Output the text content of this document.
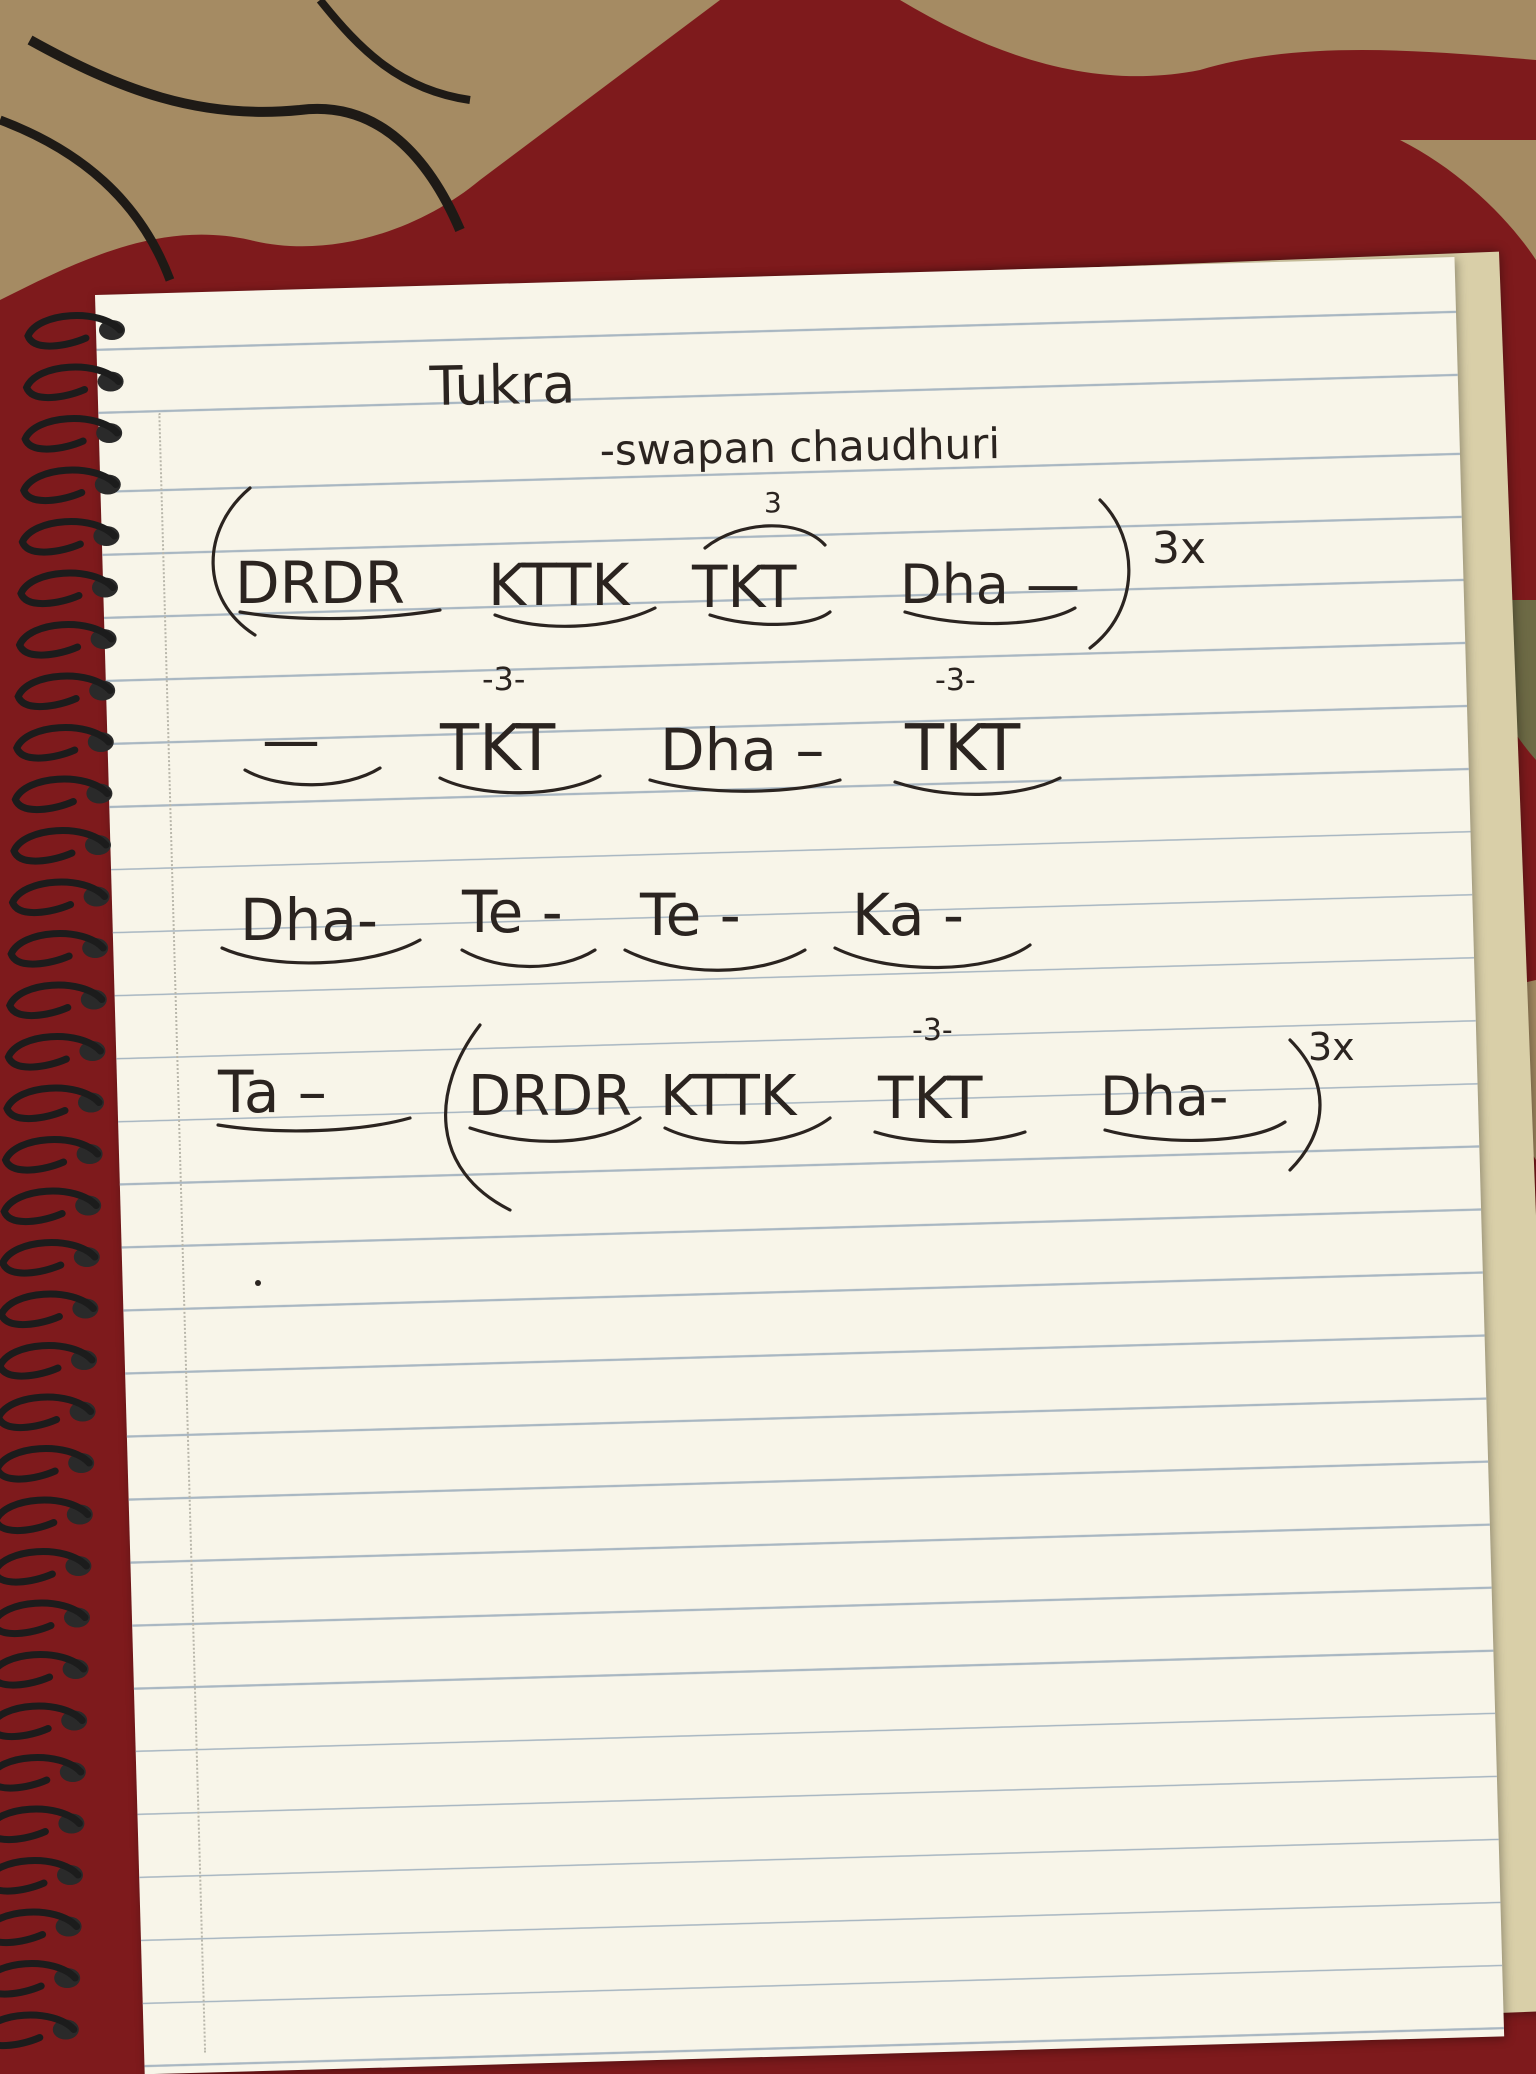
Tukra
-swapan chaudhuri
DRDR KTTK
3
TKT Dha —
3x
—
-3-
TKT Dha –
-3-
TKT
Dha- Te - Te - Ka -
Ta –	DRDR KTTK
-3-
TKT Dha-
3x
